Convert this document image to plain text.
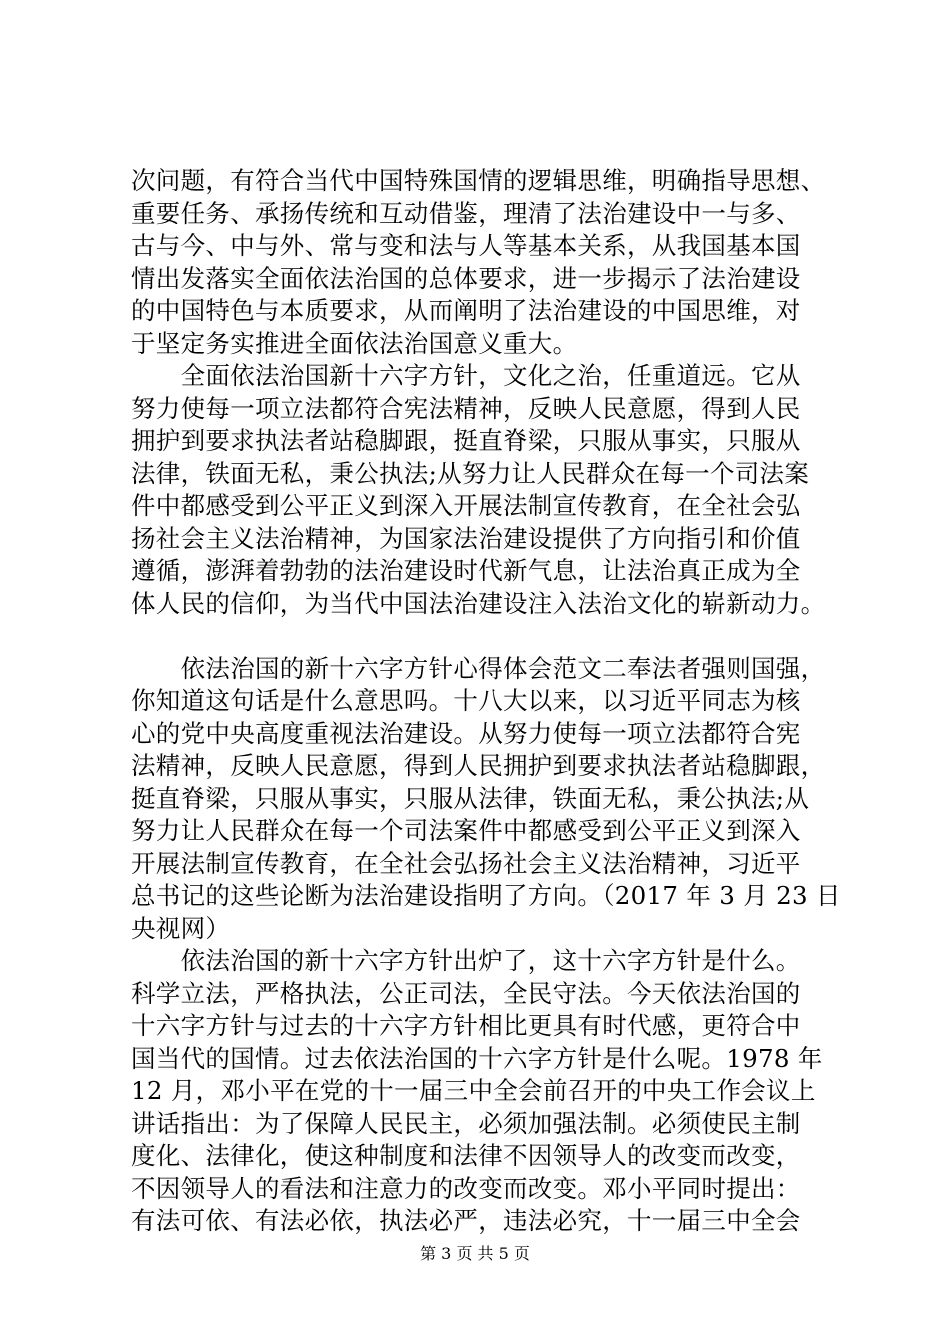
次问题，有符合当代中国特殊国情的逻辑思维，明确指导思想、
重要任务、承扬传统和互动借鉴，理清了法治建设中一与多、
古与今、中与外、常与变和法与人等基本关系，从我国基本国
情出发落实全面依法治国的总体要求，进一步揭示了法治建设
的中国特色与本质要求，从而阐明了法治建设的中国思维，对
于坚定务实推进全面依法治国意义重大。
　　全面依法治国新十六字方针，文化之治，任重道远。它从
努力使每一项立法都符合宪法精神，反映人民意愿，得到人民
拥护到要求执法者站稳脚跟，挺直脊梁，只服从事实，只服从
法律，铁面无私，秉公执法;从努力让人民群众在每一个司法案
件中都感受到公平正义到深入开展法制宣传教育，在全社会弘
扬社会主义法治精神，为国家法治建设提供了方向指引和价值
遵循，澎湃着勃勃的法治建设时代新气息，让法治真正成为全
体人民的信仰，为当代中国法治建设注入法治文化的崭新动力。
　　依法治国的新十六字方针心得体会范文二奉法者强则国强，
你知道这句话是什么意思吗。十八大以来，以习近平同志为核
心的党中央高度重视法治建设。从努力使每一项立法都符合宪
法精神，反映人民意愿，得到人民拥护到要求执法者站稳脚跟，
挺直脊梁，只服从事实，只服从法律，铁面无私，秉公执法;从
努力让人民群众在每一个司法案件中都感受到公平正义到深入
开展法制宣传教育，在全社会弘扬社会主义法治精神，习近平
总书记的这些论断为法治建设指明了方向。（2017 年 3 月 23 日
央视网）
　　依法治国的新十六字方针出炉了，这十六字方针是什么。
科学立法，严格执法，公正司法，全民守法。今天依法治国的
十六字方针与过去的十六字方针相比更具有时代感，更符合中
国当代的国情。过去依法治国的十六字方针是什么呢。1978 年
12 月，邓小平在党的十一届三中全会前召开的中央工作会议上
讲话指出：为了保障人民民主，必须加强法制。必须使民主制
度化、法律化，使这种制度和法律不因领导人的改变而改变，
不因领导人的看法和注意力的改变而改变。邓小平同时提出：
有法可依、有法必依，执法必严，违法必究，十一届三中全会
第 3 页 共 5 页
